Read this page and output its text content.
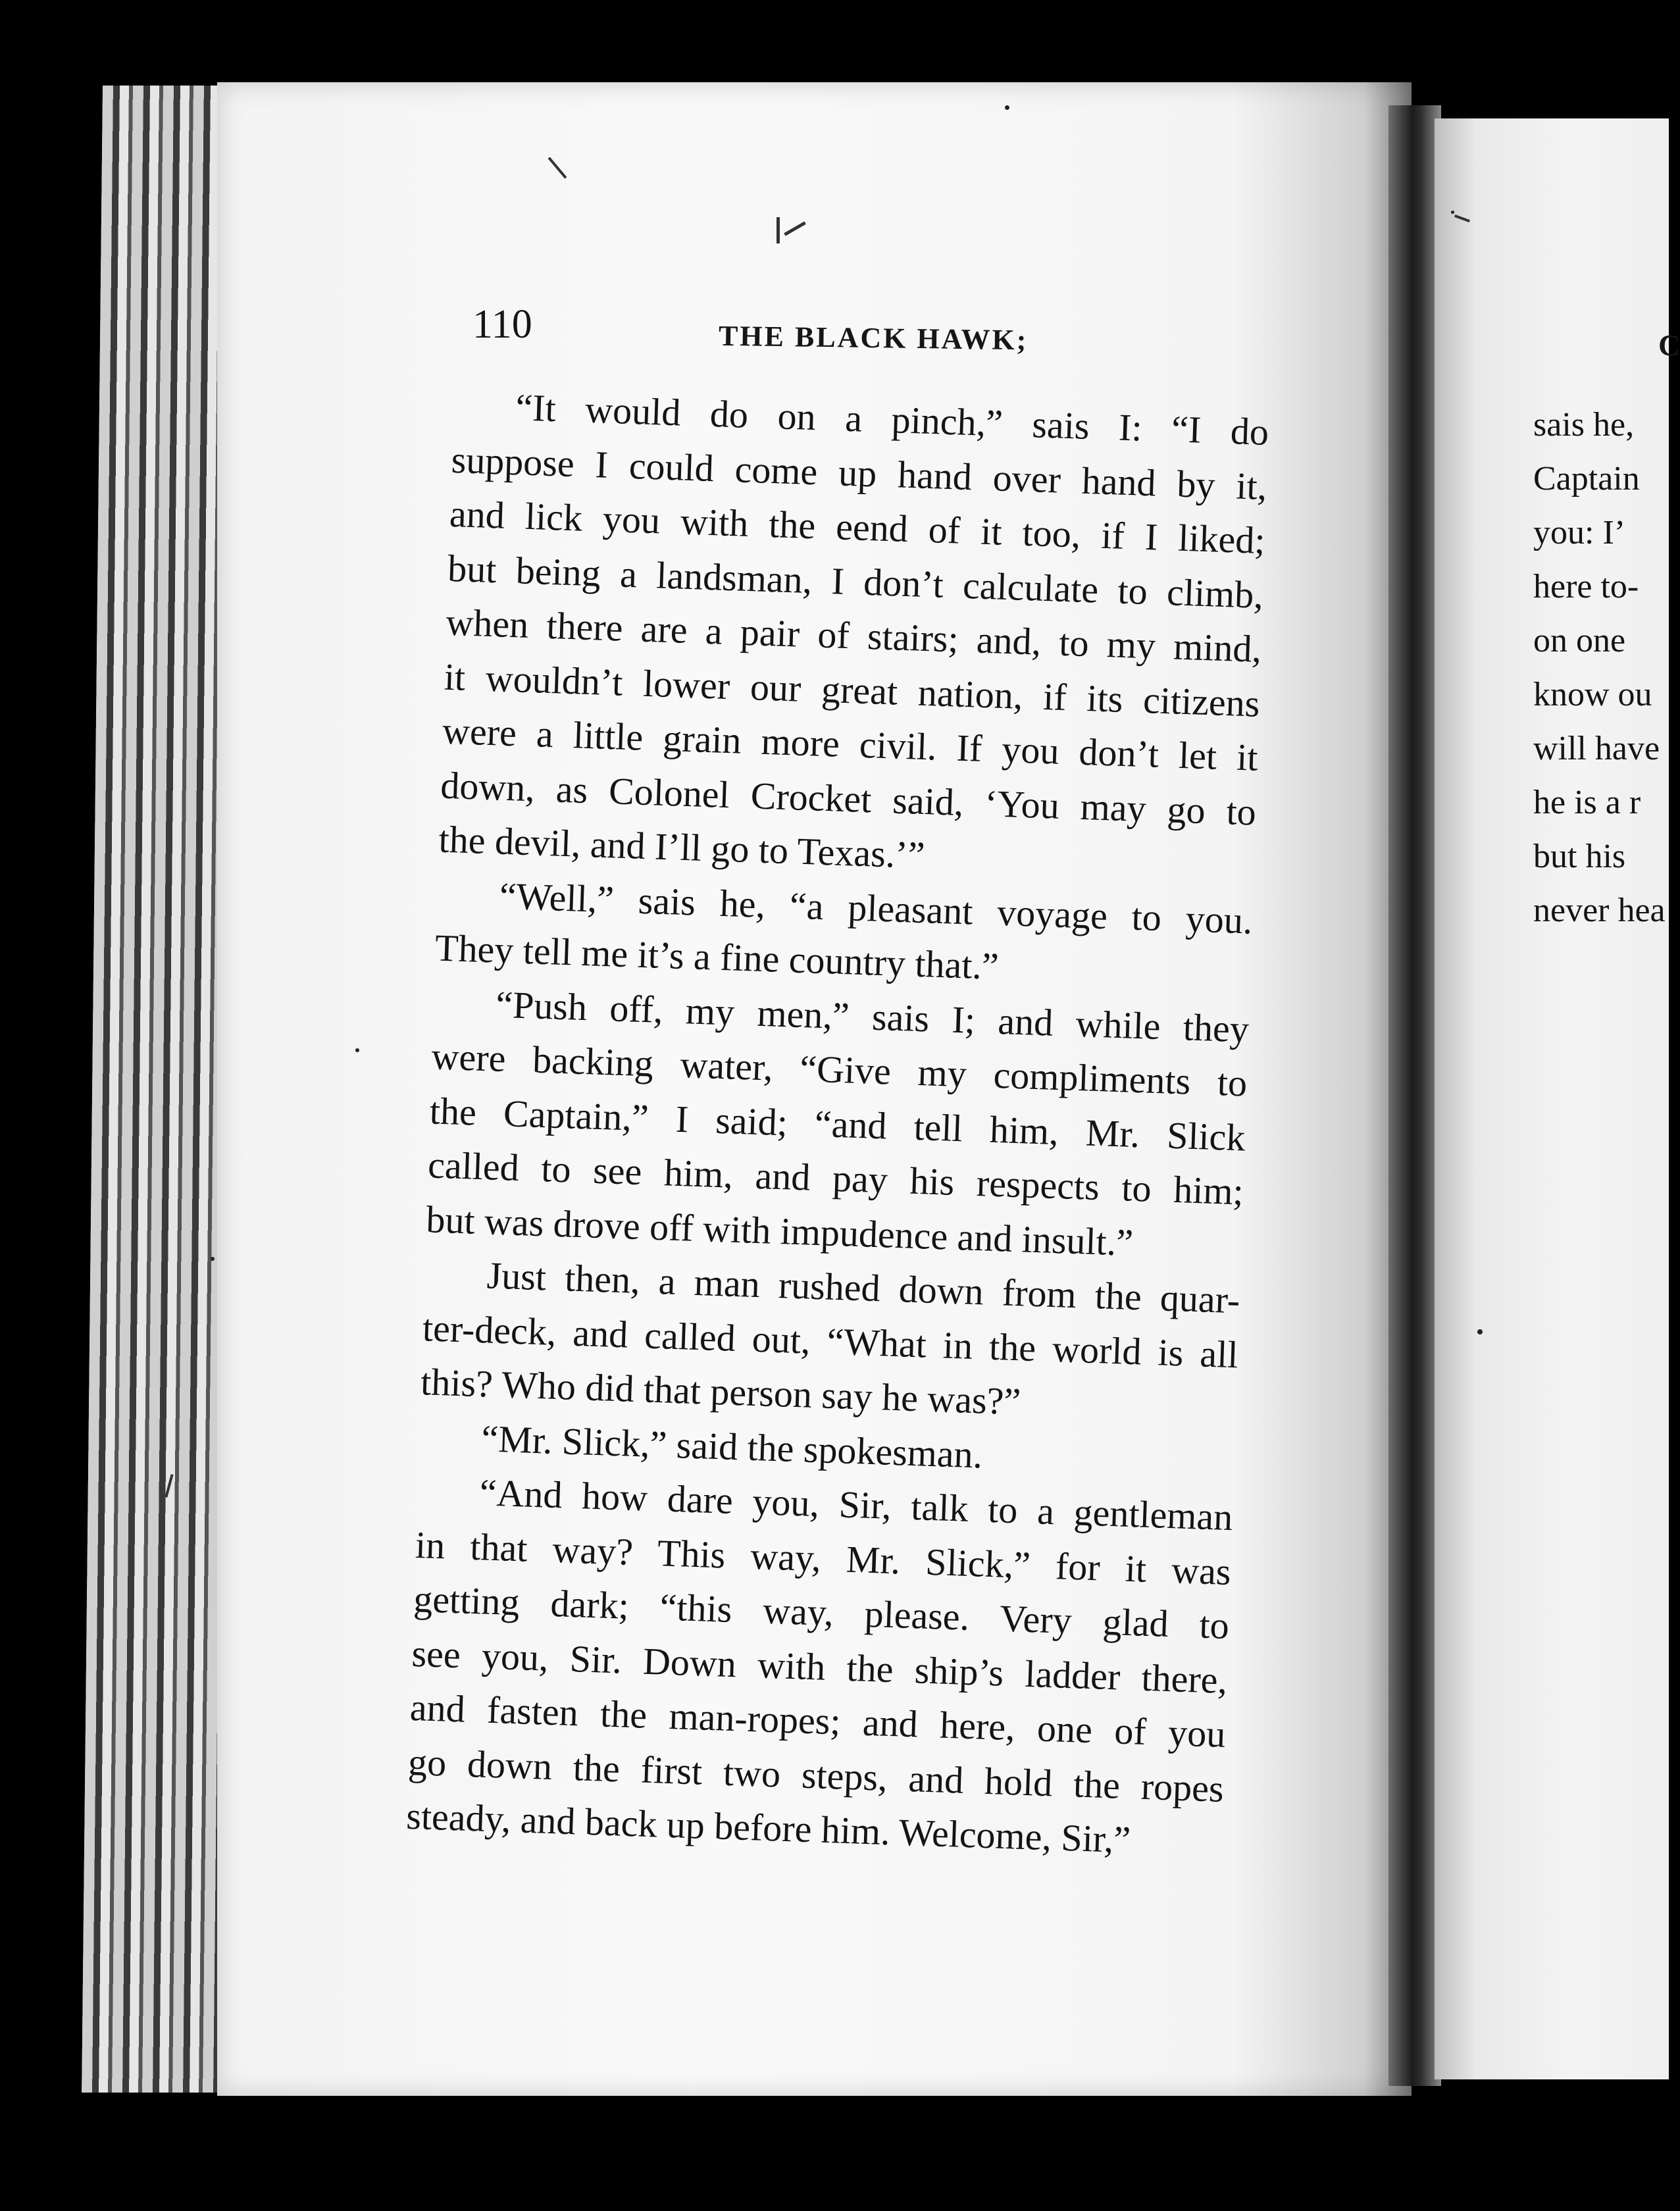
110	THE BLACK HAWK;
“It would do on a pinch,” sais I: “I do
suppose I could come up hand over hand by it,
and lick you with the eend of it too, if I liked;
but being a landsman, I don’t calculate to climb,
when there are a pair of stairs; and, to my mind,
it wouldn’t lower our great nation, if its citizens
were a little grain more civil. If you don’t let it
down, as Colonel Crocket said, ‘You may go to
the devil, and I’ll go to Texas.’”
“Well,” sais he, “a pleasant voyage to you.
They tell me it’s a fine country that.”
“Push off, my men,” sais I; and while they
were backing water, “Give my compliments to
the Captain,” I said; “and tell him, Mr. Slick
called to see him, and pay his respects to him;
but was drove off with impudence and insult.”
Just then, a man rushed down from the quar-
ter-deck, and called out, “What in the world is all
this? Who did that person say he was?”
“Mr. Slick,” said the spokesman.
“And how dare you, Sir, talk to a gentleman
in that way? This way, Mr. Slick,” for it was
getting dark; “this way, please. Very glad to
see you, Sir. Down with the ship’s ladder there,
and fasten the man-ropes; and here, one of you
go down the first two steps, and hold the ropes
steady, and back up before him. Welcome, Sir,”
C
sais he,
Captain
you: I’
here to-
on one
know ou
will have
he is a r
but his
never hea
